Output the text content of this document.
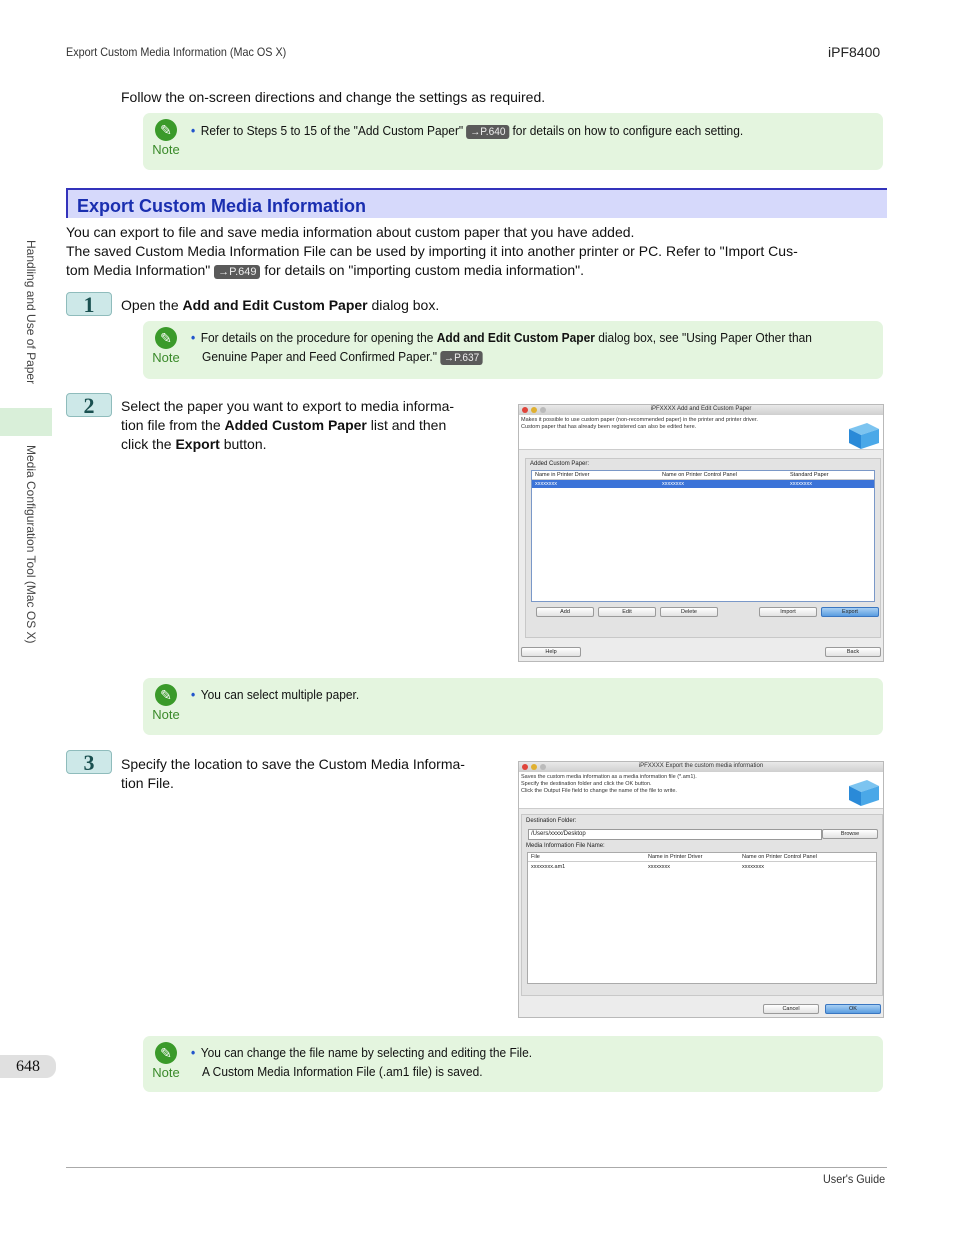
Export Custom Media Information (Mac OS X)	iPF8400
Handling and Use of Paper
Media Configuration Tool (Mac OS X)
Follow the on-screen directions and change the settings as required.
✎
Note
• Refer to Steps 5 to 15 of the "Add Custom Paper" →P.640 for details on how to configure each setting.
Export Custom Media Information
You can export to file and save media information about custom paper that you have added.
The saved Custom Media Information File can be used by importing it into another printer or PC. Refer to "Import Cus-
tom Media Information" →P.649 for details on "importing custom media information".
1	Open the Add and Edit Custom Paper dialog box.
✎
Note
• For details on the procedure for opening the Add and Edit Custom Paper dialog box, see "Using Paper Other than
Genuine Paper and Feed Confirmed Paper." →P.637
2	Select the paper you want to export to media informa-
tion file from the Added Custom Paper list and then
click the Export button.
iPFXXXX Add and Edit Custom Paper
Makes it possible to use custom paper (non-recommended paper) in the printer and printer driver.
Custom paper that has already been registered can also be edited here.
Added Custom Paper:
Name in Printer Driver	Name on Printer Control Panel	Standard Paper
xxxxxxxx	xxxxxxxx	xxxxxxxx
Add	Edit	Delete	Import	Export
Help	Back
✎
Note
• You can select multiple paper.
3	Specify the location to save the Custom Media Informa-
tion File.
iPFXXXX Export the custom media information
Saves the custom media information as a media information file (*.am1).
Specify the destination folder and click the OK button.
Click the Output File field to change the name of the file to write.
Destination Folder:
/Users/xxxx/Desktop	Browse
Media Information File Name:
File	Name in Printer Driver	Name on Printer Control Panel
xxxxxxxx.am1	xxxxxxxx	xxxxxxxx
Cancel	OK
✎
Note
• You can change the file name by selecting and editing the File.
A Custom Media Information File (.am1 file) is saved.
648
User's Guide
